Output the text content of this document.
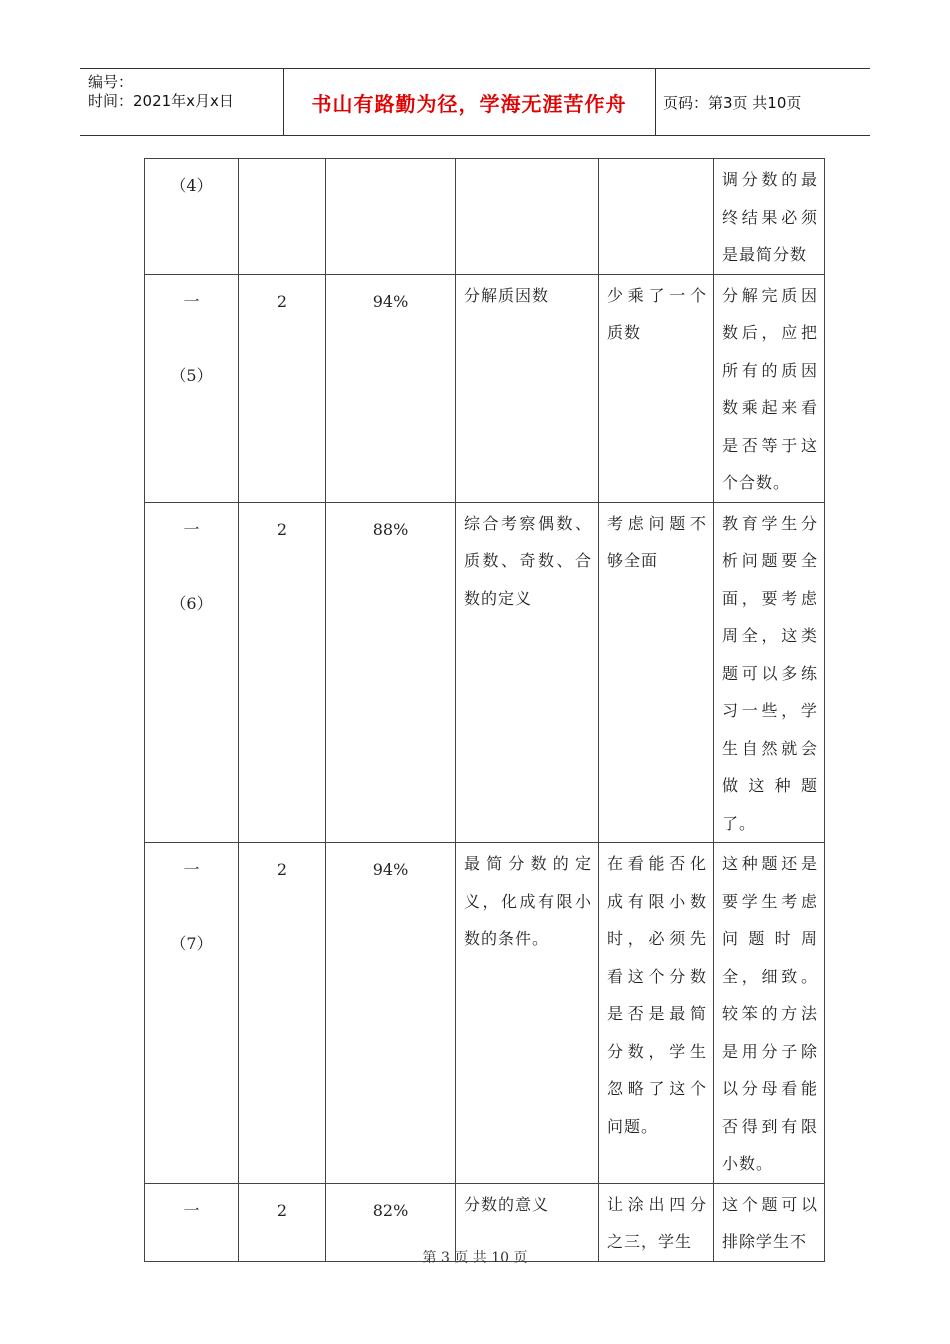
编号：
时间：2021年x月x日	书山有路勤为径，学海无涯苦作舟	页码：第3页 共10页
（4）					调分数的最终结果必须是最简分数

一
（5）	2	94%	分解质因数	少乘了一个质数	分解完质因数后，应把所有的质因数乘起来看是否等于这个合数。

一
（6）	2	88%	综合考察偶数、质数、奇数、合数的定义	考虑问题不够全面	教育学生分析问题要全面，要考虑周全，这类题可以多练习一些，学生自然就会做这种题了。

一
（7）	2	94%	最简分数的定义，化成有限小数的条件。	在看能否化成有限小数时，必须先看这个分数是否是最简分数，学生忽略了这个问题。	这种题还是要学生考虑问题时周全，细致。较笨的方法是用分子除以分母看能否得到有限小数。

一	2	82%	分数的意义	让涂出四分之三，学生	这个题可以排除学生不
第 3 页 共 10 页
